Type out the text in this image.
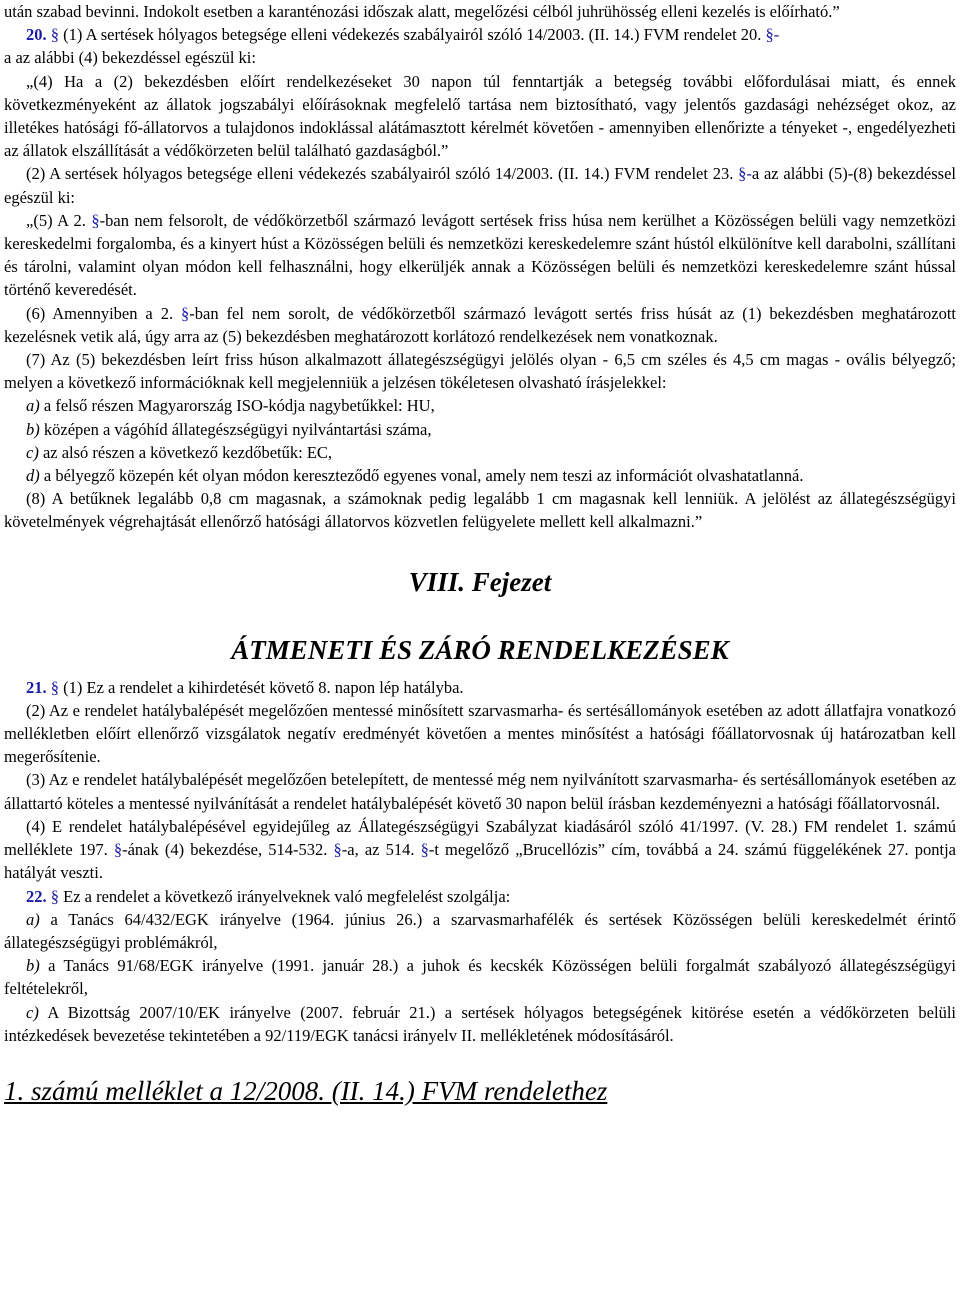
után szabad bevinni. Indokolt esetben a karanténozási időszak alatt, megelőzési célból juhrühösség elleni kezelés is előírható.”

20. § (1) A sertések hólyagos betegsége elleni védekezés szabályairól szóló 14/2003. (II. 14.) FVM rendelet 20. §-
a az alábbi (4) bekezdéssel egészül ki:

„(4) Ha a (2) bekezdésben előírt rendelkezéseket 30 napon túl fenntartják a betegség további előfordulásai miatt, és ennek következményeként az állatok jogszabályi előírásoknak megfelelő tartása nem biztosítható, vagy jelentős gazdasági nehézséget okoz, az illetékes hatósági fő-állatorvos a tulajdonos indoklással alátámasztott kérelmét követően - amennyiben ellenőrizte a tényeket -, engedélyezheti az állatok elszállítását a védőkörzeten belül található gazdaságból.”

(2) A sertések hólyagos betegsége elleni védekezés szabályairól szóló 14/2003. (II. 14.) FVM rendelet 23. §-a az alábbi (5)-(8) bekezdéssel egészül ki:

„(5) A 2. §-ban nem felsorolt, de védőkörzetből származó levágott sertések friss húsa nem kerülhet a Közösségen belüli vagy nemzetközi kereskedelmi forgalomba, és a kinyert húst a Közösségen belüli és nemzetközi kereskedelemre szánt hústól elkülönítve kell darabolni, szállítani és tárolni, valamint olyan módon kell felhasználni, hogy elkerüljék annak a Közösségen belüli és nemzetközi kereskedelemre szánt hússal történő keveredését.

(6) Amennyiben a 2. §-ban fel nem sorolt, de védőkörzetből származó levágott sertés friss húsát az (1) bekezdésben meghatározott kezelésnek vetik alá, úgy arra az (5) bekezdésben meghatározott korlátozó rendelkezések nem vonatkoznak.

(7) Az (5) bekezdésben leírt friss húson alkalmazott állategészségügyi jelölés olyan - 6,5 cm széles és 4,5 cm magas - ovális bélyegző; melyen a következő információknak kell megjelenniük a jelzésen tökéletesen olvasható írásjelekkel:

a) a felső részen Magyarország ISO-kódja nagybetűkkel: HU,

b) középen a vágóhíd állategészségügyi nyilvántartási száma,

c) az alsó részen a következő kezdőbetűk: EC,

d) a bélyegző közepén két olyan módon kereszteződő egyenes vonal, amely nem teszi az információt olvashatatlanná.

(8) A betűknek legalább 0,8 cm magasnak, a számoknak pedig legalább 1 cm magasnak kell lenniük. A jelölést az állategészségügyi követelmények végrehajtását ellenőrző hatósági állatorvos közvetlen felügyelete mellett kell alkalmazni.”

VIII. Fejezet

ÁTMENETI ÉS ZÁRÓ RENDELKEZÉSEK

21. § (1) Ez a rendelet a kihirdetését követő 8. napon lép hatályba.

(2) Az e rendelet hatálybalépését megelőzően mentessé minősített szarvasmarha- és sertésállományok esetében az adott állatfajra vonatkozó mellékletben előírt ellenőrző vizsgálatok negatív eredményét követően a mentes minősítést a hatósági főállatorvosnak új határozatban kell megerősítenie.

(3) Az e rendelet hatálybalépését megelőzően betelepített, de mentessé még nem nyilvánított szarvasmarha- és sertésállományok esetében az állattartó köteles a mentessé nyilvánítását a rendelet hatálybalépését követő 30 napon belül írásban kezdeményezni a hatósági főállatorvosnál.

(4) E rendelet hatálybalépésével egyidejűleg az Állategészségügyi Szabályzat kiadásáról szóló 41/1997. (V. 28.) FM rendelet 1. számú melléklete 197. §-ának (4) bekezdése, 514-532. §-a, az 514. §-t megelőző „Brucellózis” cím, továbbá a 24. számú függelékének 27. pontja hatályát veszti.

22. § Ez a rendelet a következő irányelveknek való megfelelést szolgálja:

a) a Tanács 64/432/EGK irányelve (1964. június 26.) a szarvasmarhafélék és sertések Közösségen belüli kereskedelmét érintő állategészségügyi problémákról,

b) a Tanács 91/68/EGK irányelve (1991. január 28.) a juhok és kecskék Közösségen belüli forgalmát szabályozó állategészségügyi feltételekről,

c) A Bizottság 2007/10/EK irányelve (2007. február 21.) a sertések hólyagos betegségének kitörése esetén a védőkörzeten belüli intézkedések bevezetése tekintetében a 92/119/EGK tanácsi irányelv II. mellékletének módosításáról.

1. számú melléklet a 12/2008. (II. 14.) FVM rendelethez
